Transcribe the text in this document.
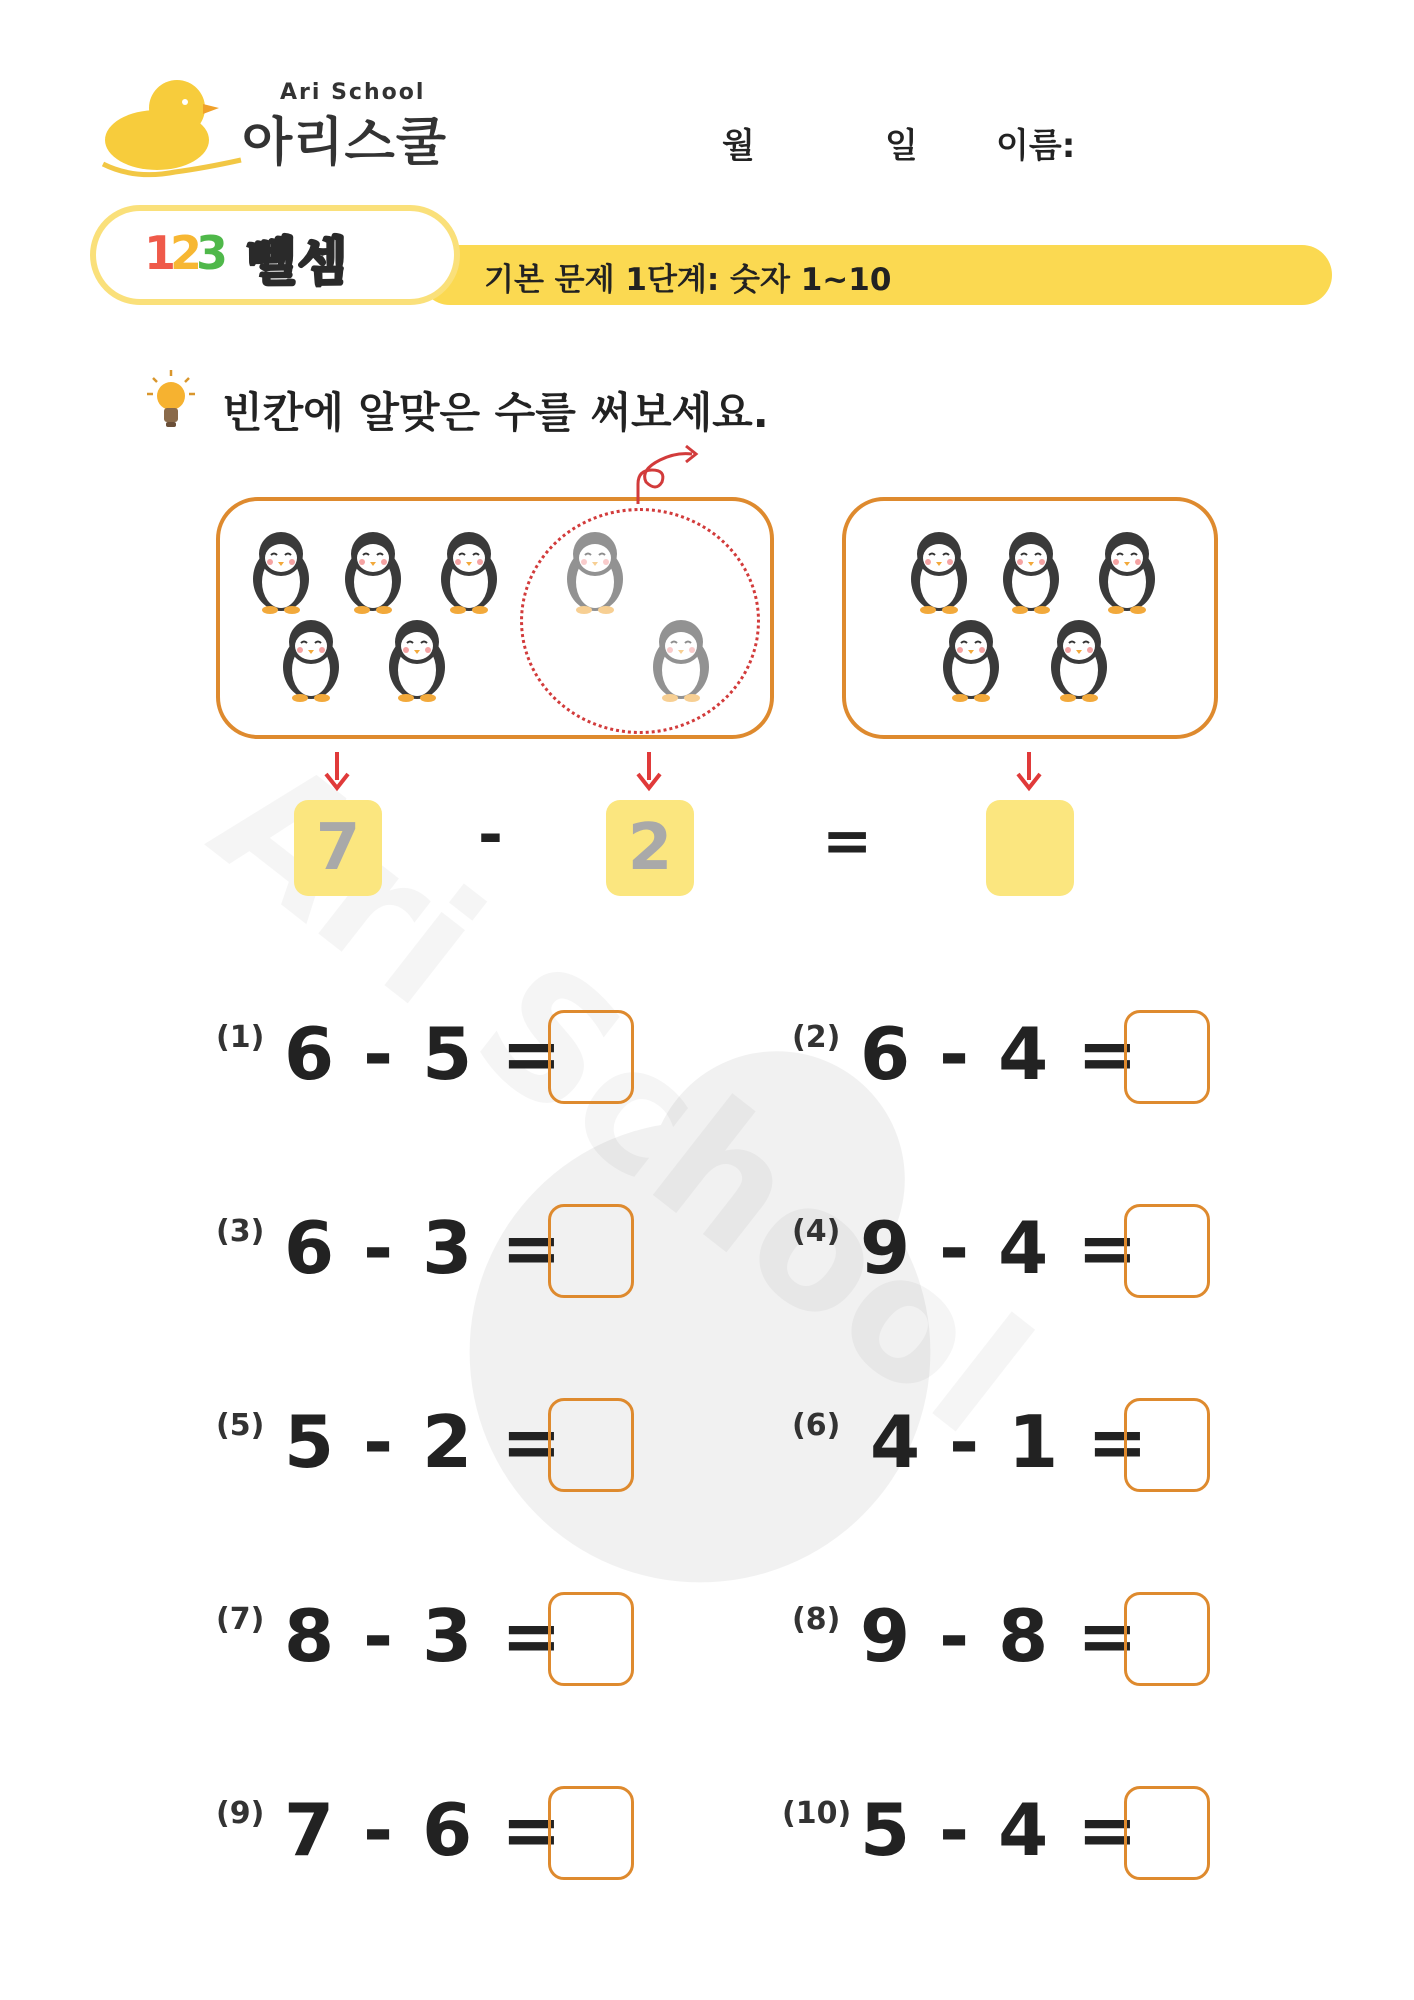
Ari School
아리스쿨	월	일 이름:
123 뺄셈	기본 문제 1단계: 숫자 1~10
빈칸에 알맞은 수를 써보세요.
7	-	2	=
(1) 6 - 5 =
(3) 6 - 3 =
(5) 5 - 2 =
(7) 8 - 3 =
(9) 7 - 6 =
(2) 6 - 4 =
(4) 9 - 4 =
(6) 4 - 1 =
(8) 9 - 8 =
(10) 5 - 4 =
